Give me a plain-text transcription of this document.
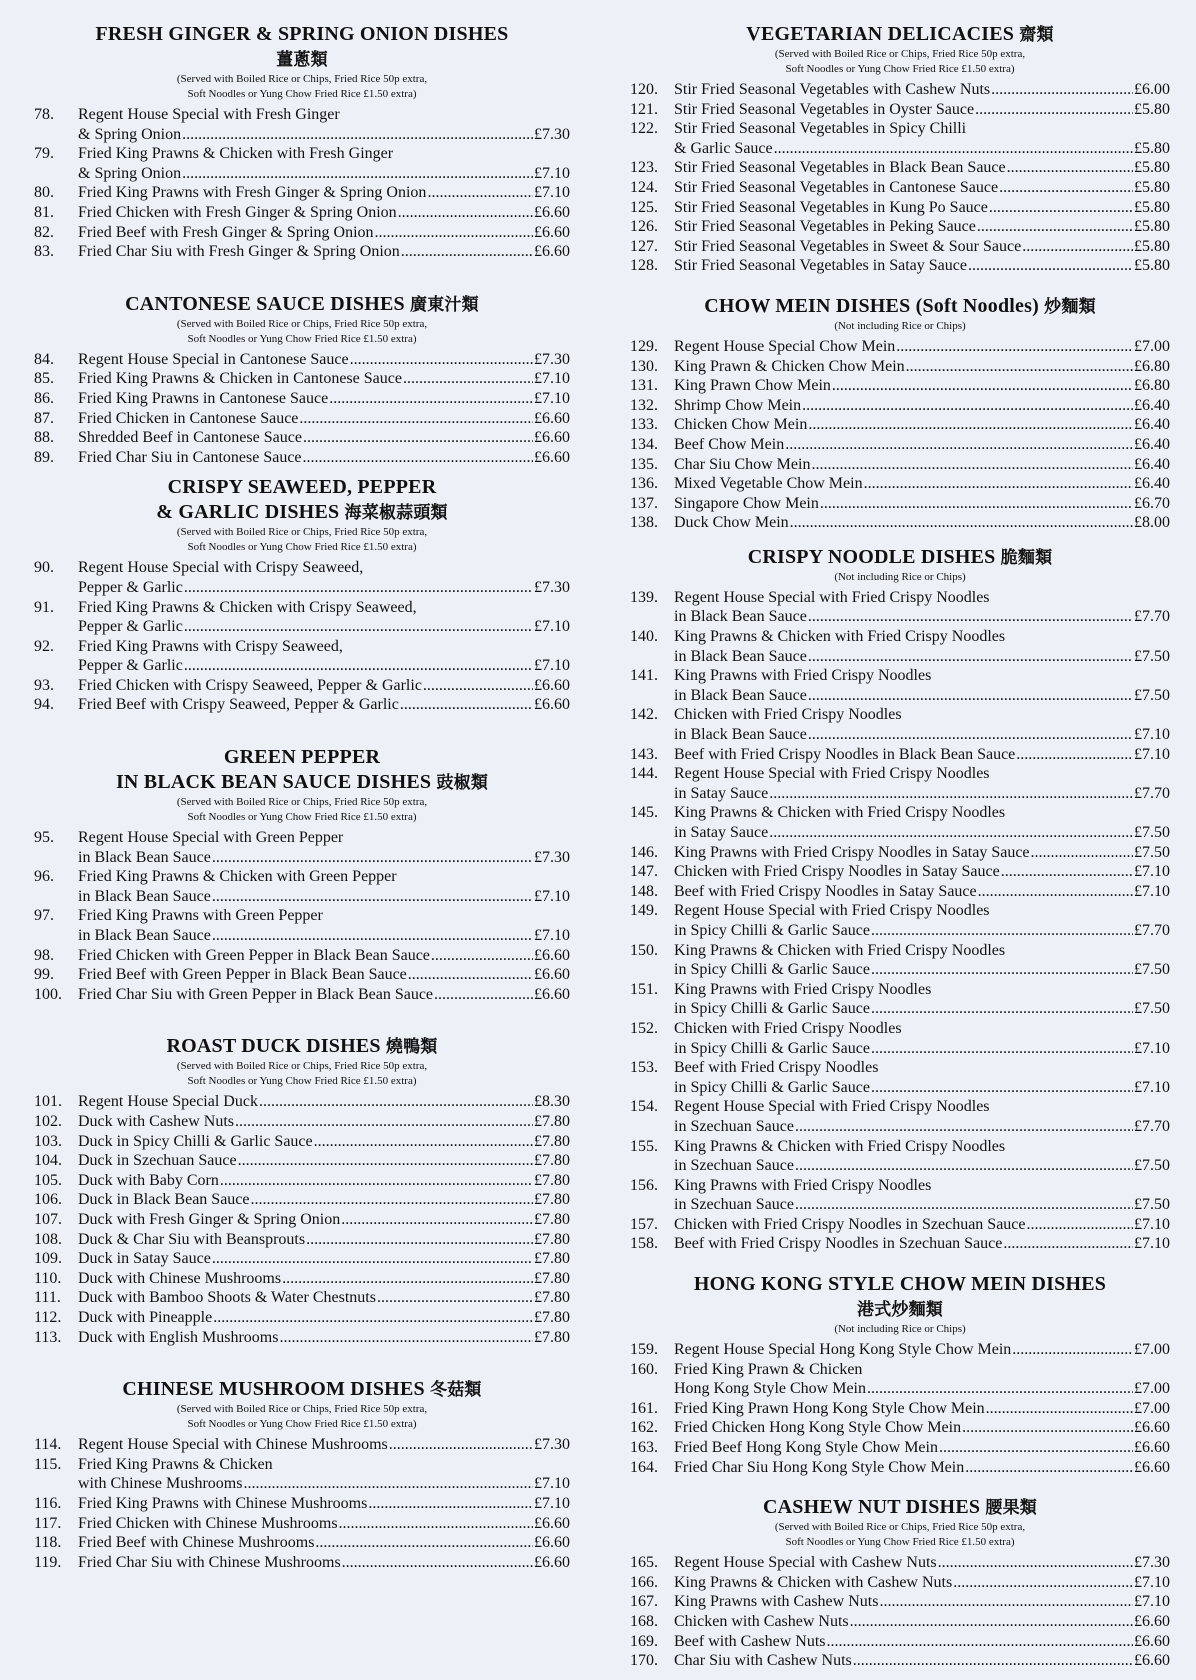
FRESH GINGER & SPRING ONION DISHES
薑蔥類
(Served with Boiled Rice or Chips, Fried Rice 50p extra,
Soft Noodles or Yung Chow Fried Rice £1.50 extra)
78.	Regent House Special with Fresh Ginger
& Spring Onion .....	£7.30
79.	Fried King Prawns & Chicken with Fresh Ginger
& Spring Onion .....	£7.10
80.	Fried King Prawns with Fresh Ginger & Spring Onion .....	£7.10
81.	Fried Chicken with Fresh Ginger & Spring Onion .....	£6.60
82.	Fried Beef with Fresh Ginger & Spring Onion .....	£6.60
83.	Fried Char Siu with Fresh Ginger & Spring Onion .....	£6.60
CANTONESE SAUCE DISHES 廣東汁類
(Served with Boiled Rice or Chips, Fried Rice 50p extra,
Soft Noodles or Yung Chow Fried Rice £1.50 extra)
84.	Regent House Special in Cantonese Sauce .....	£7.30
85.	Fried King Prawns & Chicken in Cantonese Sauce .....	£7.10
86.	Fried King Prawns in Cantonese Sauce .....	£7.10
87.	Fried Chicken in Cantonese Sauce .....	£6.60
88.	Shredded Beef in Cantonese Sauce .....	£6.60
89.	Fried Char Siu in Cantonese Sauce .....	£6.60
CRISPY SEAWEED, PEPPER
& GARLIC DISHES 海菜椒蒜頭類
(Served with Boiled Rice or Chips, Fried Rice 50p extra,
Soft Noodles or Yung Chow Fried Rice £1.50 extra)
90.	Regent House Special with Crispy Seaweed,
Pepper & Garlic .....	£7.30
91.	Fried King Prawns & Chicken with Crispy Seaweed,
Pepper & Garlic .....	£7.10
92.	Fried King Prawns with Crispy Seaweed,
Pepper & Garlic .....	£7.10
93.	Fried Chicken with Crispy Seaweed, Pepper & Garlic .....	£6.60
94.	Fried Beef with Crispy Seaweed, Pepper & Garlic .....	£6.60
GREEN PEPPER
IN BLACK BEAN SAUCE DISHES 豉椒類
(Served with Boiled Rice or Chips, Fried Rice 50p extra,
Soft Noodles or Yung Chow Fried Rice £1.50 extra)
95.	Regent House Special with Green Pepper
in Black Bean Sauce .....	£7.30
96.	Fried King Prawns & Chicken with Green Pepper
in Black Bean Sauce .....	£7.10
97.	Fried King Prawns with Green Pepper
in Black Bean Sauce .....	£7.10
98.	Fried Chicken with Green Pepper in Black Bean Sauce .....	£6.60
99.	Fried Beef with Green Pepper in Black Bean Sauce .....	£6.60
100.	Fried Char Siu with Green Pepper in Black Bean Sauce .....	£6.60
ROAST DUCK DISHES 燒鴨類
(Served with Boiled Rice or Chips, Fried Rice 50p extra,
Soft Noodles or Yung Chow Fried Rice £1.50 extra)
101.	Regent House Special Duck .....	£8.30
102.	Duck with Cashew Nuts .....	£7.80
103.	Duck in Spicy Chilli & Garlic Sauce .....	£7.80
104.	Duck in Szechuan Sauce .....	£7.80
105.	Duck with Baby Corn .....	£7.80
106.	Duck in Black Bean Sauce .....	£7.80
107.	Duck with Fresh Ginger & Spring Onion .....	£7.80
108.	Duck & Char Siu with Beansprouts .....	£7.80
109.	Duck in Satay Sauce .....	£7.80
110.	Duck with Chinese Mushrooms .....	£7.80
111.	Duck with Bamboo Shoots & Water Chestnuts .....	£7.80
112.	Duck with Pineapple .....	£7.80
113.	Duck with English Mushrooms .....	£7.80
CHINESE MUSHROOM DISHES 冬菇類
(Served with Boiled Rice or Chips, Fried Rice 50p extra,
Soft Noodles or Yung Chow Fried Rice £1.50 extra)
114.	Regent House Special with Chinese Mushrooms .....	£7.30
115.	Fried King Prawns & Chicken
with Chinese Mushrooms .....	£7.10
116.	Fried King Prawns with Chinese Mushrooms .....	£7.10
117.	Fried Chicken with Chinese Mushrooms .....	£6.60
118.	Fried Beef with Chinese Mushrooms .....	£6.60
119.	Fried Char Siu with Chinese Mushrooms .....	£6.60
VEGETARIAN DELICACIES 齋類
(Served with Boiled Rice or Chips, Fried Rice 50p extra,
Soft Noodles or Yung Chow Fried Rice £1.50 extra)
120.	Stir Fried Seasonal Vegetables with Cashew Nuts .....	£6.00
121.	Stir Fried Seasonal Vegetables in Oyster Sauce .....	£5.80
122.	Stir Fried Seasonal Vegetables in Spicy Chilli
& Garlic Sauce .....	£5.80
123.	Stir Fried Seasonal Vegetables in Black Bean Sauce .....	£5.80
124.	Stir Fried Seasonal Vegetables in Cantonese Sauce .....	£5.80
125.	Stir Fried Seasonal Vegetables in Kung Po Sauce .....	£5.80
126.	Stir Fried Seasonal Vegetables in Peking Sauce .....	£5.80
127.	Stir Fried Seasonal Vegetables in Sweet & Sour Sauce .....	£5.80
128.	Stir Fried Seasonal Vegetables in Satay Sauce .....	£5.80
CHOW MEIN DISHES (Soft Noodles) 炒麵類
(Not including Rice or Chips)
129.	Regent House Special Chow Mein .....	£7.00
130.	King Prawn & Chicken Chow Mein .....	£6.80
131.	King Prawn Chow Mein .....	£6.80
132.	Shrimp Chow Mein .....	£6.40
133.	Chicken Chow Mein .....	£6.40
134.	Beef Chow Mein .....	£6.40
135.	Char Siu Chow Mein .....	£6.40
136.	Mixed Vegetable Chow Mein .....	£6.40
137.	Singapore Chow Mein .....	£6.70
138.	Duck Chow Mein .....	£8.00
CRISPY NOODLE DISHES 脆麵類
(Not including Rice or Chips)
139.	Regent House Special with Fried Crispy Noodles
in Black Bean Sauce .....	£7.70
140.	King Prawns & Chicken with Fried Crispy Noodles
in Black Bean Sauce .....	£7.50
141.	King Prawns with Fried Crispy Noodles
in Black Bean Sauce .....	£7.50
142.	Chicken with Fried Crispy Noodles
in Black Bean Sauce .....	£7.10
143.	Beef with Fried Crispy Noodles in Black Bean Sauce .....	£7.10
144.	Regent House Special with Fried Crispy Noodles
in Satay Sauce .....	£7.70
145.	King Prawns & Chicken with Fried Crispy Noodles
in Satay Sauce .....	£7.50
146.	King Prawns with Fried Crispy Noodles in Satay Sauce .....	£7.50
147.	Chicken with Fried Crispy Noodles in Satay Sauce .....	£7.10
148.	Beef with Fried Crispy Noodles in Satay Sauce .....	£7.10
149.	Regent House Special with Fried Crispy Noodles
in Spicy Chilli & Garlic Sauce .....	£7.70
150.	King Prawns & Chicken with Fried Crispy Noodles
in Spicy Chilli & Garlic Sauce .....	£7.50
151.	King Prawns with Fried Crispy Noodles
in Spicy Chilli & Garlic Sauce .....	£7.50
152.	Chicken with Fried Crispy Noodles
in Spicy Chilli & Garlic Sauce .....	£7.10
153.	Beef with Fried Crispy Noodles
in Spicy Chilli & Garlic Sauce .....	£7.10
154.	Regent House Special with Fried Crispy Noodles
in Szechuan Sauce .....	£7.70
155.	King Prawns & Chicken with Fried Crispy Noodles
in Szechuan Sauce .....	£7.50
156.	King Prawns with Fried Crispy Noodles
in Szechuan Sauce .....	£7.50
157.	Chicken with Fried Crispy Noodles in Szechuan Sauce .....	£7.10
158.	Beef with Fried Crispy Noodles in Szechuan Sauce .....	£7.10
HONG KONG STYLE CHOW MEIN DISHES
港式炒麵類
(Not including Rice or Chips)
159.	Regent House Special Hong Kong Style Chow Mein .....	£7.00
160.	Fried King Prawn & Chicken
Hong Kong Style Chow Mein .....	£7.00
161.	Fried King Prawn Hong Kong Style Chow Mein .....	£7.00
162.	Fried Chicken Hong Kong Style Chow Mein .....	£6.60
163.	Fried Beef Hong Kong Style Chow Mein .....	£6.60
164.	Fried Char Siu Hong Kong Style Chow Mein .....	£6.60
CASHEW NUT DISHES 腰果類
(Served with Boiled Rice or Chips, Fried Rice 50p extra,
Soft Noodles or Yung Chow Fried Rice £1.50 extra)
165.	Regent House Special with Cashew Nuts .....	£7.30
166.	King Prawns & Chicken with Cashew Nuts .....	£7.10
167.	King Prawns with Cashew Nuts .....	£7.10
168.	Chicken with Cashew Nuts .....	£6.60
169.	Beef with Cashew Nuts .....	£6.60
170.	Char Siu with Cashew Nuts .....	£6.60
